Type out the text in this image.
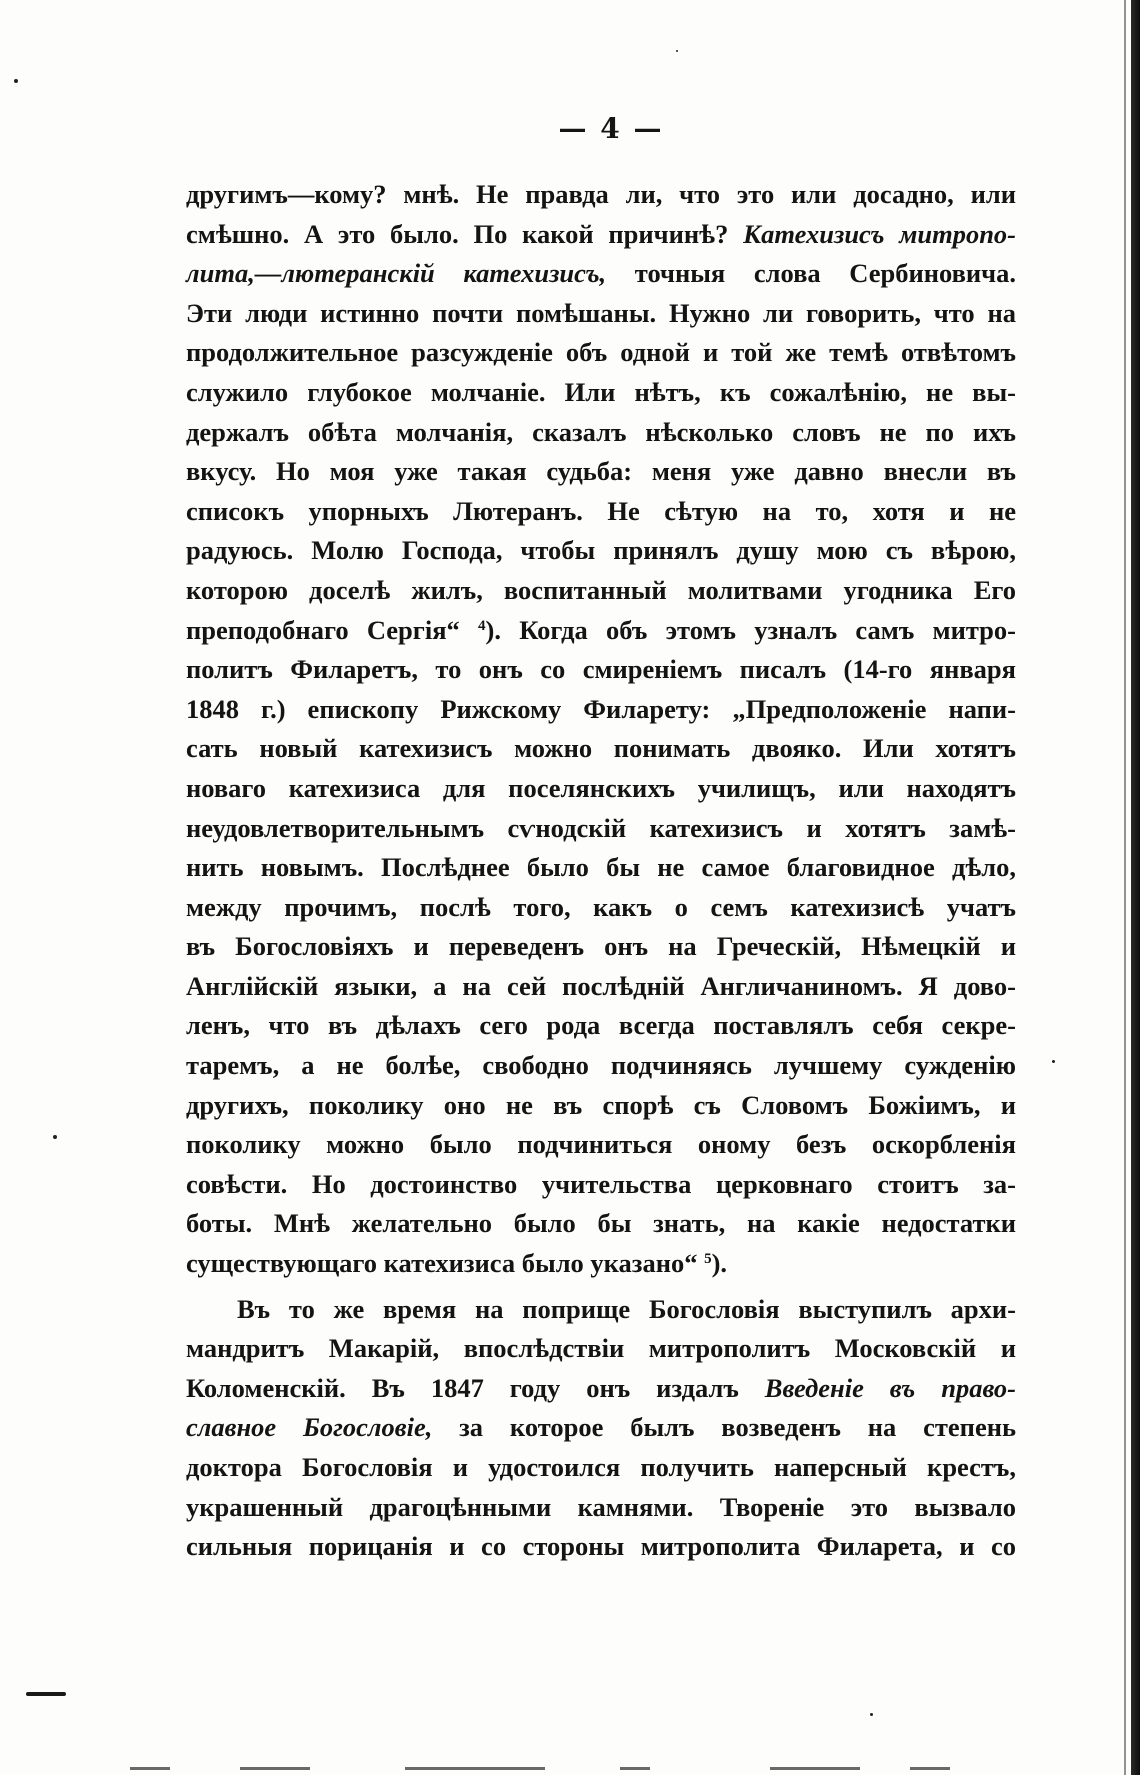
— 4 —
другимъ—кому? мнѣ. Не правда ли, что это или досадно, или
смѣшно. А это было. По какой причинѣ? Катехизисъ митропо-
лита,—лютеранскій катехизисъ, точныя слова Сербиновича.
Эти люди истинно почти помѣшаны. Нужно ли говорить, что на
продолжительное разсужденіе объ одной и той же темѣ отвѣтомъ
служило глубокое молчаніе. Или нѣтъ, къ сожалѣнію, не вы-
держалъ обѣта молчанія, сказалъ нѣсколько словъ не по ихъ
вкусу. Но моя уже такая судьба: меня уже давно внесли въ
списокъ упорныхъ Лютеранъ. Не сѣтую на то, хотя и не
радуюсь. Молю Господа, чтобы принялъ душу мою съ вѣрою,
которою доселѣ жилъ, воспитанный молитвами угодника Его
преподобнаго Сергія“ $^4$). Когда объ этомъ узналъ самъ митро-
политъ Филаретъ, то онъ со смиреніемъ писалъ (14-го января
1848 г.) епископу Рижскому Филарету: „Предположеніе напи-
сать новый катехизисъ можно понимать двояко. Или хотятъ
новаго катехизиса для поселянскихъ училищъ, или находятъ
неудовлетворительнымъ сѵнодскій катехизисъ и хотятъ замѣ-
нить новымъ. Послѣднее было бы не самое благовидное дѣло,
между прочимъ, послѣ того, какъ о семъ катехизисѣ учатъ
въ Богословіяхъ и переведенъ онъ на Греческій, Нѣмецкій и
Англійскій языки, а на сей послѣдній Англичаниномъ. Я дово-
ленъ, что въ дѣлахъ сего рода всегда поставлялъ себя секре-
таремъ, а не болѣе, свободно подчиняясь лучшему сужденію
другихъ, поколику оно не въ спорѣ съ Словомъ Божіимъ, и
поколику можно было подчиниться оному безъ оскорбленія
совѣсти. Но достоинство учительства церковнаго стоитъ за-
боты. Мнѣ желательно было бы знать, на какіе недостатки
существующаго катехизиса было указано“ $^5$).
Въ то же время на поприще Богословія выступилъ архи-
мандритъ Макарій, впослѣдствіи митрополитъ Московскій и
Коломенскій. Въ 1847 году онъ издалъ Введеніе въ право-
славное Богословіе, за которое былъ возведенъ на степень
доктора Богословія и удостоился получить наперсный крестъ,
украшенный драгоцѣнными камнями. Твореніе это вызвало
сильныя порицанія и со стороны митрополита Филарета, и со
